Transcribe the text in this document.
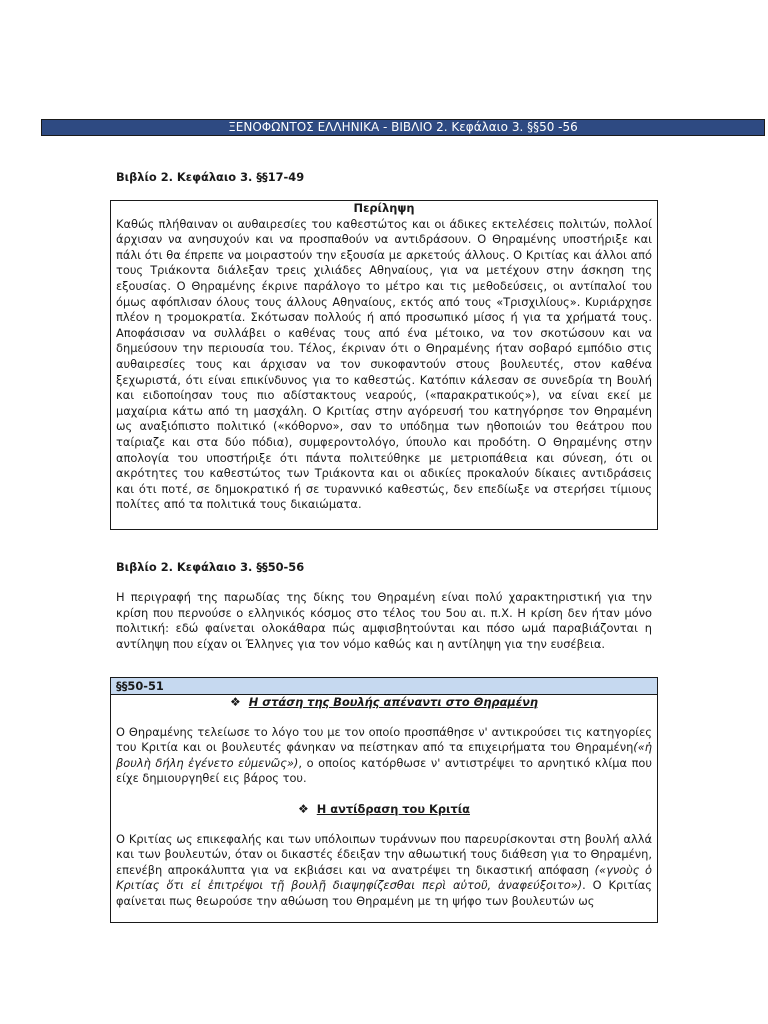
ΞΕΝΟΦΩΝΤΟΣ ΕΛΛΗΝΙΚΑ - ΒΙΒΛΙΟ 2. Κεφάλαιο 3. §§50 -56
Βιβλίο 2. Κεφάλαιο 3. §§17-49
Περίληψη

Καθώς πλήθαιναν οι αυθαιρεσίες του καθεστώτος και οι άδικες εκτελέσεις πολιτών, πολλοί άρχισαν να ανησυχούν και να προσπαθούν να αντιδράσουν. Ο Θηραμένης υποστήριξε και πάλι ότι θα έπρεπε να μοιραστούν την εξουσία με αρκετούς άλλους. Ο Κριτίας και άλλοι από τους Τριάκοντα διάλεξαν τρεις χιλιάδες Αθηναίους, για να μετέχουν στην άσκηση της εξουσίας. Ο Θηραμένης έκρινε παράλογο το μέτρο και τις μεθοδεύσεις, οι αντίπαλοί του όμως αφόπλισαν όλους τους άλλους Αθηναίους, εκτός από τους «Τρισχιλίους». Κυριάρχησε πλέον η τρομοκρατία. Σκότωσαν πολλούς ή από προσωπικό μίσος ή για τα χρήματά τους. Αποφάσισαν να συλλάβει ο καθένας τους από ένα μέτοικο, να τον σκοτώσουν και να δημεύσουν την περιουσία του. Τέλος, έκριναν ότι ο Θηραμένης ήταν σοβαρό εμπόδιο στις αυθαιρεσίες τους και άρχισαν να τον συκοφαντούν στους βουλευτές, στον καθένα ξεχωριστά, ότι είναι επικίνδυνος για το καθεστώς. Κατόπιν κάλεσαν σε συνεδρία τη Βουλή και ειδοποίησαν τους πιο αδίστακτους νεαρούς, («παρακρατικούς»), να είναι εκεί με μαχαίρια κάτω από τη μασχάλη. Ο Κριτίας στην αγόρευσή του κατηγόρησε τον Θηραμένη ως αναξιόπιστο πολιτικό («κόθορνο», σαν το υπόδημα των ηθοποιών του θεάτρου που ταίριαζε και στα δύο πόδια), συμφεροντολόγο, ύπουλο και προδότη. Ο Θηραμένης στην απολογία του υποστήριξε ότι πάντα πολιτεύθηκε με μετριοπάθεια και σύνεση, ότι οι ακρότητες του καθεστώτος των Τριάκοντα και οι αδικίες προκαλούν δίκαιες αντιδράσεις και ότι ποτέ, σε δημοκρατικό ή σε τυραννικό καθεστώς, δεν επεδίωξε να στερήσει τίμιους πολίτες από τα πολιτικά τους δικαιώματα.

Βιβλίο 2. Κεφάλαιο 3. §§50-56

Η περιγραφή της παρωδίας της δίκης του Θηραμένη είναι πολύ χαρακτηριστική για την κρίση που περνούσε ο ελληνικός κόσμος στο τέλος του 5ου αι. π.Χ. Η κρίση δεν ήταν μόνο πολιτική: εδώ φαίνεται ολοκάθαρα πώς αμφισβητούνται και πόσο ωμά παραβιάζονται η αντίληψη που είχαν οι Έλληνες για τον νόμο καθώς και η αντίληψη για την ευσέβεια.

§§50-51

❖ Η στάση της Βουλής απέναντι στο Θηραμένη

Ο Θηραμένης τελείωσε το λόγο του με τον οποίο προσπάθησε ν' αντικρούσει τις κατηγορίες του Κριτία και οι βουλευτές φάνηκαν να πείστηκαν από τα επιχειρήματα του Θηραμένη(«ἡ βουλὴ δήλη ἐγένετο εὐμενῶς»), ο οποίος κατόρθωσε ν' αντιστρέψει το αρνητικό κλίμα που είχε δημιουργηθεί εις βάρος του.

❖ Η αντίδραση του Κριτία

Ο Κριτίας ως επικεφαλής και των υπόλοιπων τυράννων που παρευρίσκονται στη βουλή αλλά και των βουλευτών, όταν οι δικαστές έδειξαν την αθωωτική τους διάθεση για το Θηραμένη, επενέβη απροκάλυπτα για να εκβιάσει και να ανατρέψει τη δικαστική απόφαση («γνοὺς ὁ Κριτίας ὅτι εἰ ἐπιτρέψοι τῇ βουλῇ διαψηφίζεσθαι περὶ αὐτοῦ, ἀναφεύξοιτο»). Ο Κριτίας φαίνεται πως θεωρούσε την αθώωση του Θηραμένη με τη ψήφο των βουλευτών ως
